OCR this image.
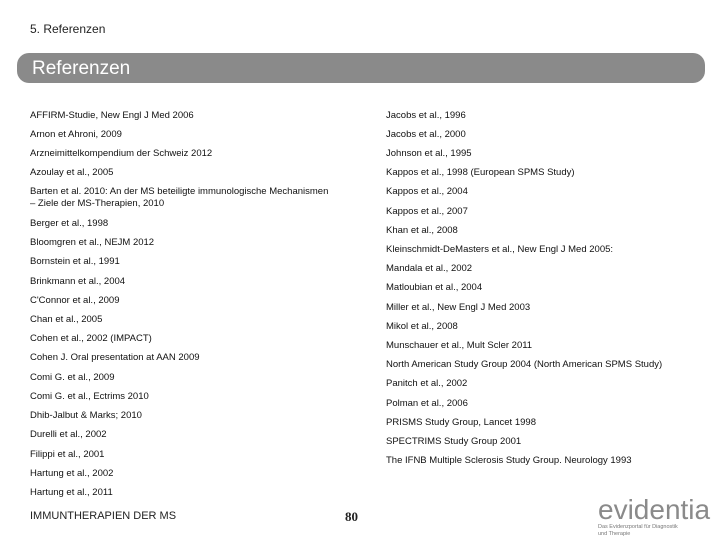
5. Referenzen
Referenzen
AFFIRM-Studie, New Engl J Med 2006
Arnon et Ahroni, 2009
Arzneimittelkompendium der Schweiz 2012
Azoulay et al., 2005
Barten et al. 2010: An der MS beteiligte immunologische Mechanismen
– Ziele der MS-Therapien, 2010
Berger et al., 1998
Bloomgren et al., NEJM 2012
Bornstein et al., 1991
Brinkmann et al., 2004
C'Connor et al., 2009
Chan et al., 2005
Cohen et al., 2002 (IMPACT)
Cohen J. Oral presentation at AAN 2009
Comi G. et al., 2009
Comi G. et al., Ectrims 2010
Dhib-Jalbut & Marks; 2010
Durelli et al., 2002
Filippi et al., 2001
Hartung et al., 2002
Hartung et al., 2011
Jacobs et al., 1996
Jacobs et al., 2000
Johnson et al., 1995
Kappos et al., 1998 (European SPMS Study)
Kappos et al., 2004
Kappos et al., 2007
Khan et al., 2008
Kleinschmidt-DeMasters et al., New Engl J Med 2005:
Mandala et al., 2002
Matloubian et al., 2004
Miller et al., New Engl J Med 2003
Mikol et al., 2008
Munschauer et al., Mult Scler 2011
North American Study Group 2004 (North American SPMS Study)
Panitch et al., 2002
Polman et al., 2006
PRISMS Study Group, Lancet 1998
SPECTRIMS Study Group 2001
The IFNB Multiple Sclerosis Study Group. Neurology 1993
IMMUNTHERAPIEN DER MS	80	evidentia
Das Evidenzportal für Diagnostik
und Therapie
